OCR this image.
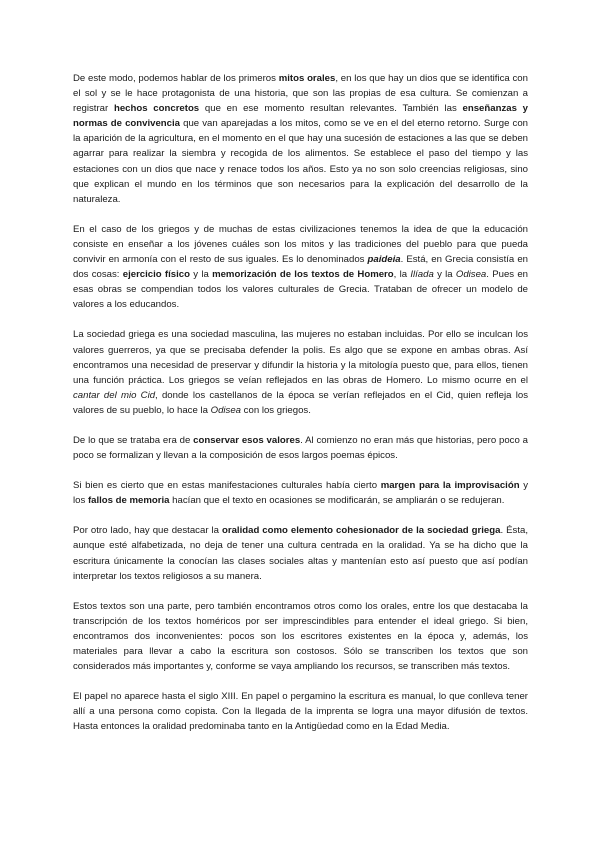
De este modo, podemos hablar de los primeros mitos orales, en los que hay un dios que se identifica con el sol y se le hace protagonista de una historia, que son las propias de esa cultura. Se comienzan a registrar hechos concretos que en ese momento resultan relevantes. También las enseñanzas y normas de convivencia que van aparejadas a los mitos, como se ve en el del eterno retorno. Surge con la aparición de la agricultura, en el momento en el que hay una sucesión de estaciones a las que se deben agarrar para realizar la siembra y recogida de los alimentos. Se establece el paso del tiempo y las estaciones con un dios que nace y renace todos los años. Esto ya no son solo creencias religiosas, sino que explican el mundo en los términos que son necesarios para la explicación del desarrollo de la naturaleza.

En el caso de los griegos y de muchas de estas civilizaciones tenemos la idea de que la educación consiste en enseñar a los jóvenes cuáles son los mitos y las tradiciones del pueblo para que pueda convivir en armonía con el resto de sus iguales. Es lo denominados paideia. Está, en Grecia consistía en dos cosas: ejercicio físico y la memorización de los textos de Homero, la Ilíada y la Odisea. Pues en esas obras se compendian todos los valores culturales de Grecia. Trataban de ofrecer un modelo de valores a los educandos.

La sociedad griega es una sociedad masculina, las mujeres no estaban incluidas. Por ello se inculcan los valores guerreros, ya que se precisaba defender la polis. Es algo que se expone en ambas obras. Así encontramos una necesidad de preservar y difundir la historia y la mitología puesto que, para ellos, tienen una función práctica. Los griegos se veían reflejados en las obras de Homero. Lo mismo ocurre en el cantar del mio Cid, donde los castellanos de la época se verían reflejados en el Cid, quien refleja los valores de su pueblo, lo hace la Odisea con los griegos.

De lo que se trataba era de conservar esos valores. Al comienzo no eran más que historias, pero poco a poco se formalizan y llevan a la composición de esos largos poemas épicos.

Si bien es cierto que en estas manifestaciones culturales había cierto margen para la improvisación y los fallos de memoria hacían que el texto en ocasiones se modificarán, se ampliarán o se redujeran.

Por otro lado, hay que destacar la oralidad como elemento cohesionador de la sociedad griega. Ésta, aunque esté alfabetizada, no deja de tener una cultura centrada en la oralidad. Ya se ha dicho que la escritura únicamente la conocían las clases sociales altas y mantenían esto así puesto que así podían interpretar los textos religiosos a su manera.

Estos textos son una parte, pero también encontramos otros como los orales, entre los que destacaba la transcripción de los textos homéricos por ser imprescindibles para entender el ideal griego. Si bien, encontramos dos inconvenientes: pocos son los escritores existentes en la época y, además, los materiales para llevar a cabo la escritura son costosos. Sólo se transcriben los textos que son considerados más importantes y, conforme se vaya ampliando los recursos, se transcriben más textos.

El papel no aparece hasta el siglo XIII. En papel o pergamino la escritura es manual, lo que conlleva tener allí a una persona como copista. Con la llegada de la imprenta se logra una mayor difusión de textos. Hasta entonces la oralidad predominaba tanto en la Antigüedad como en la Edad Media.
